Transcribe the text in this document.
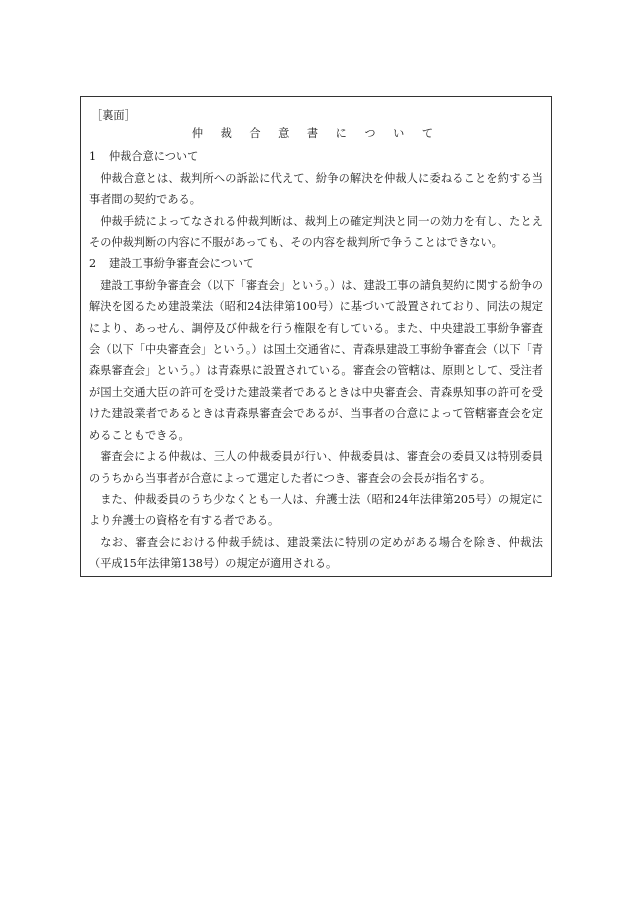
［裏面］
仲 裁 合 意 書 に つ い て

1 仲裁合意について

仲裁合意とは、裁判所への訴訟に代えて、紛争の解決を仲裁人に委ねることを約する当事者間の契約である。

仲裁手続によってなされる仲裁判断は、裁判上の確定判決と同一の効力を有し、たとえその仲裁判断の内容に不服があっても、その内容を裁判所で争うことはできない。

2 建設工事紛争審査会について

建設工事紛争審査会（以下「審査会」という。）は、建設工事の請負契約に関する紛争の解決を図るため建設業法（昭和24法律第100号）に基づいて設置されており、同法の規定により、あっせん、調停及び仲裁を行う権限を有している。また、中央建設工事紛争審査会（以下「中央審査会」という。）は国土交通省に、青森県建設工事紛争審査会（以下「青森県審査会」という。）は青森県に設置されている。審査会の管轄は、原則として、受注者が国土交通大臣の許可を受けた建設業者であるときは中央審査会、青森県知事の許可を受けた建設業者であるときは青森県審査会であるが、当事者の合意によって管轄審査会を定めることもできる。

審査会による仲裁は、三人の仲裁委員が行い、仲裁委員は、審査会の委員又は特別委員のうちから当事者が合意によって選定した者につき、審査会の会長が指名する。

また、仲裁委員のうち少なくとも一人は、弁護士法（昭和24年法律第205号）の規定により弁護士の資格を有する者である。

なお、審査会における仲裁手続は、建設業法に特別の定めがある場合を除き、仲裁法（平成15年法律第138号）の規定が適用される。
